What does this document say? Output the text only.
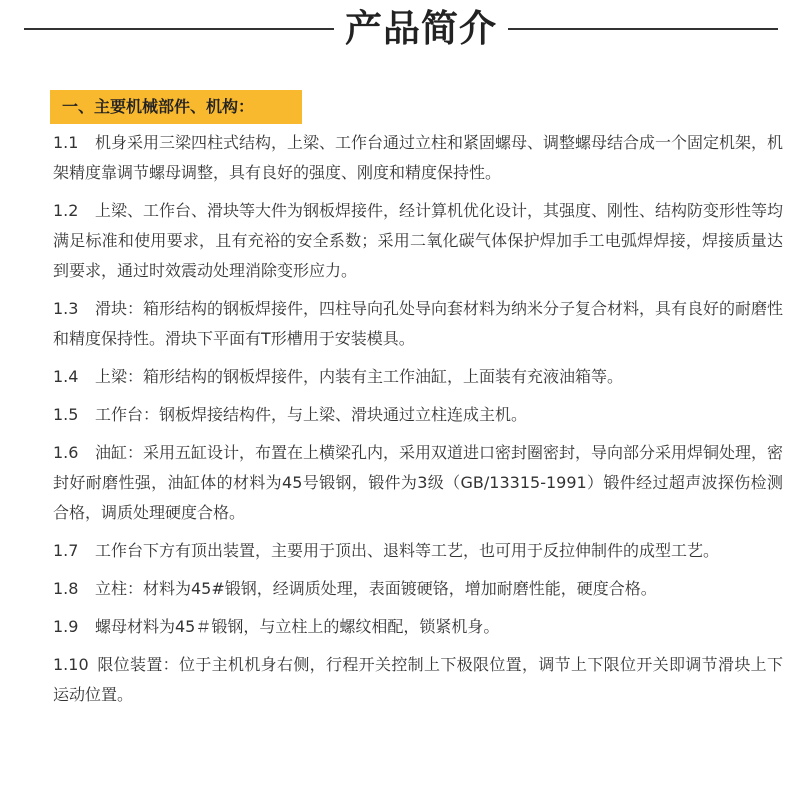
产品简介
一、主要机械部件、机构：
1.1 机身采用三梁四柱式结构，上梁、工作台通过立柱和紧固螺母、调整螺母结合成一个固定机架，机架精度靠调节螺母调整，具有良好的强度、刚度和精度保持性。
1.2 上梁、工作台、滑块等大件为钢板焊接件，经计算机优化设计，其强度、刚性、结构防变形性等均满足标准和使用要求，且有充裕的安全系数；采用二氧化碳气体保护焊加手工电弧焊焊接，焊接质量达到要求，通过时效震动处理消除变形应力。
1.3 滑块：箱形结构的钢板焊接件，四柱导向孔处导向套材料为纳米分子复合材料，具有良好的耐磨性和精度保持性。滑块下平面有T形槽用于安装模具。
1.4 上梁：箱形结构的钢板焊接件，内装有主工作油缸，上面装有充液油箱等。
1.5 工作台：钢板焊接结构件，与上梁、滑块通过立柱连成主机。
1.6 油缸：采用五缸设计，布置在上横梁孔内，采用双道进口密封圈密封，导向部分采用焊铜处理，密封好耐磨性强，油缸体的材料为45号锻钢，锻件为3级（GB/13315-1991）锻件经过超声波探伤检测合格，调质处理硬度合格。
1.7 工作台下方有顶出装置，主要用于顶出、退料等工艺，也可用于反拉伸制件的成型工艺。
1.8 立柱：材料为45#锻钢，经调质处理，表面镀硬铬，增加耐磨性能，硬度合格。
1.9 螺母材料为45＃锻钢，与立柱上的螺纹相配，锁紧机身。
1.10 限位装置：位于主机机身右侧，行程开关控制上下极限位置，调节上下限位开关即调节滑块上下运动位置。
